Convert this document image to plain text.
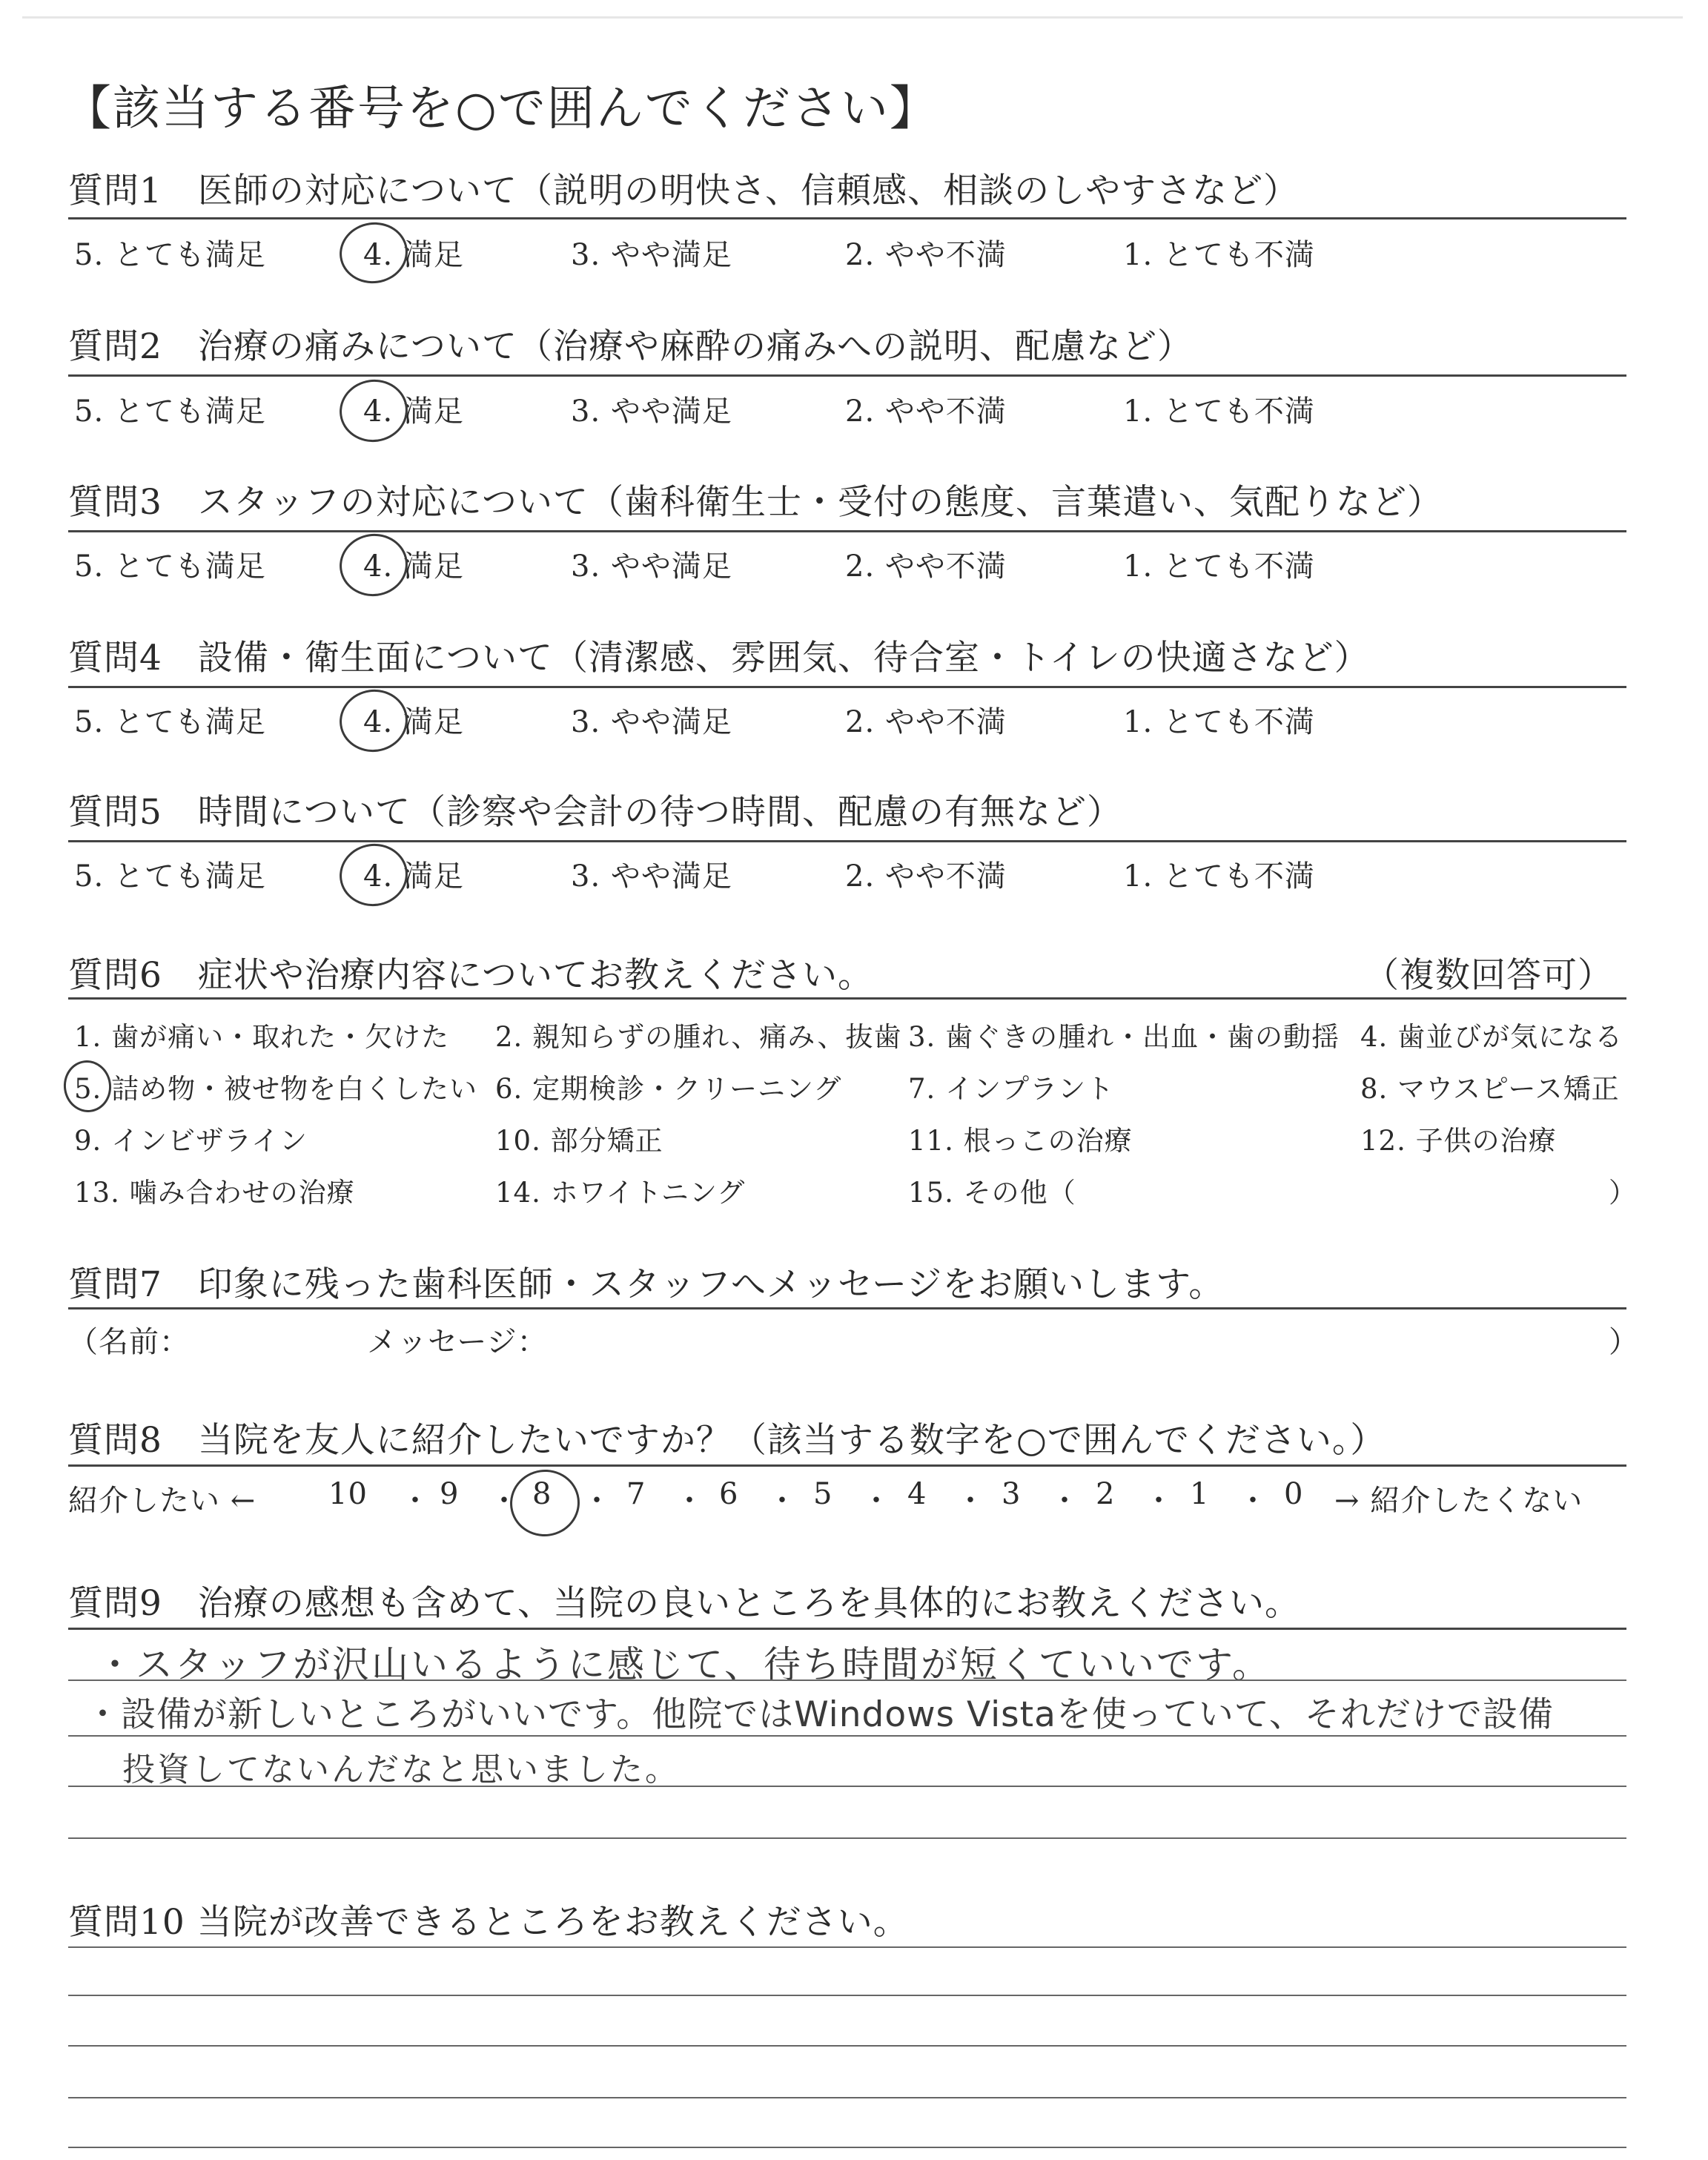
【該当する番号を○で囲んでください】
質問1　医師の対応について（説明の明快さ、信頼感、相談のしやすさなど）
5. とても満足	4. 満足	3. やや満足	2. やや不満	1. とても不満
質問2　治療の痛みについて（治療や麻酔の痛みへの説明、配慮など）
5. とても満足	4. 満足	3. やや満足	2. やや不満	1. とても不満
質問3　スタッフの対応について（歯科衛生士・受付の態度、言葉遣い、気配りなど）
5. とても満足	4. 満足	3. やや満足	2. やや不満	1. とても不満
質問4　設備・衛生面について（清潔感、雰囲気、待合室・トイレの快適さなど）
5. とても満足	4. 満足	3. やや満足	2. やや不満	1. とても不満
質問5　時間について（診察や会計の待つ時間、配慮の有無など）
5. とても満足	4. 満足	3. やや満足	2. やや不満	1. とても不満
質問6　症状や治療内容についてお教えください。	（複数回答可）
1. 歯が痛い・取れた・欠けた 2. 親知らずの腫れ、痛み、抜歯 3. 歯ぐきの腫れ・出血・歯の動揺 4. 歯並びが気になる
5. 詰め物・被せ物を白くしたい 6. 定期検診・クリーニング 7. インプラント	8. マウスピース矯正
9. インビザライン	10. 部分矯正	11. 根っこの治療	12. 子供の治療
13. 噛み合わせの治療	14. ホワイトニング	15. その他（	）
質問7　印象に残った歯科医師・スタッフへメッセージをお願いします。
（名前：	メッセージ：	）
質問8　当院を友人に紹介したいですか？（該当する数字を○で囲んでください。）
紹介したい ← 10 ・ 9 ・ 8 ・ 7 ・ 6 ・ 5 ・ 4 ・ 3 ・ 2 ・ 1 ・ 0 → 紹介したくない
質問9　治療の感想も含めて、当院の良いところを具体的にお教えください。
・スタッフが沢山いるように感じて、待ち時間が短くていいです。
・設備が新しいところがいいです。他院ではWindows Vistaを使っていて、それだけで設備
投資してないんだなと思いました。
質問10 当院が改善できるところをお教えください。
